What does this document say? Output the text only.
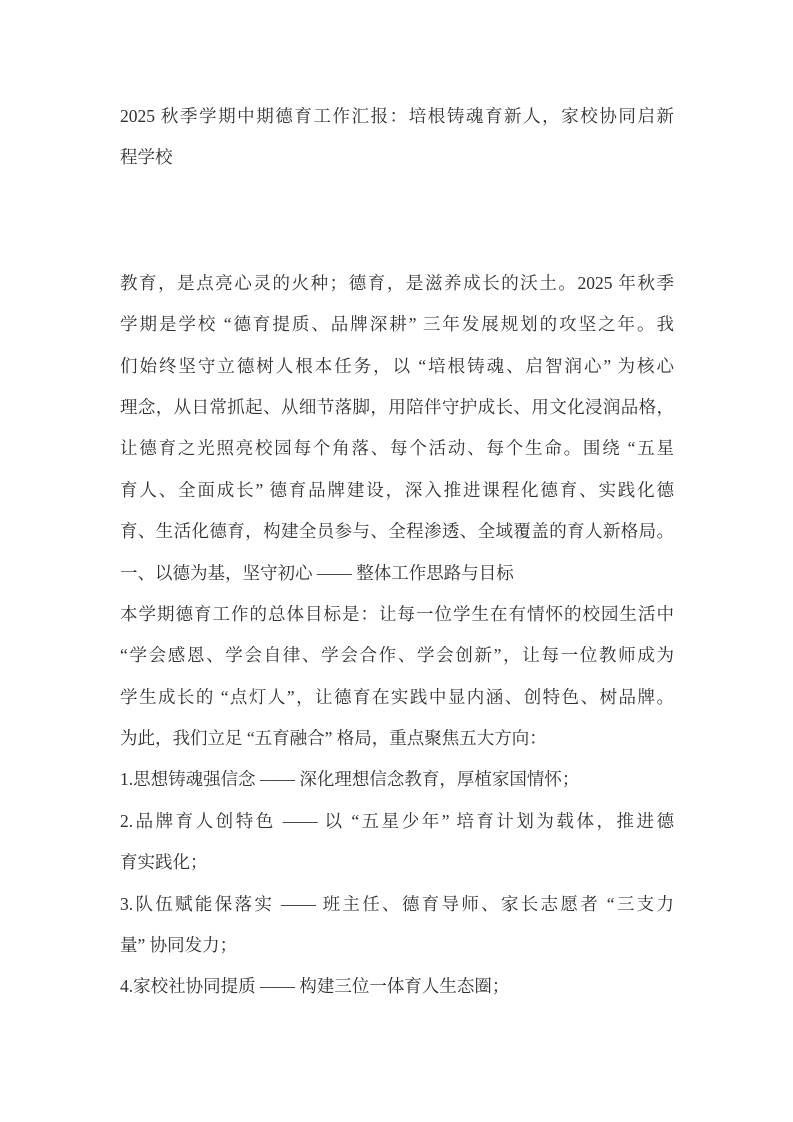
2025 秋季学期中期德育工作汇报：培根铸魂育新人，家校协同启新
程学校
教育，是点亮心灵的火种；德育，是滋养成长的沃土。2025 年秋季
学期是学校 “德育提质、品牌深耕” 三年发展规划的攻坚之年。我
们始终坚守立德树人根本任务，以 “培根铸魂、启智润心” 为核心
理念，从日常抓起、从细节落脚，用陪伴守护成长、用文化浸润品格，
让德育之光照亮校园每个角落、每个活动、每个生命。围绕 “五星
育人、全面成长” 德育品牌建设，深入推进课程化德育、实践化德
育、生活化德育，构建全员参与、全程渗透、全域覆盖的育人新格局。
一、以德为基，坚守初心 —— 整体工作思路与目标
本学期德育工作的总体目标是：让每一位学生在有情怀的校园生活中
“学会感恩、学会自律、学会合作、学会创新”，让每一位教师成为
学生成长的 “点灯人”，让德育在实践中显内涵、创特色、树品牌。
为此，我们立足 “五育融合” 格局，重点聚焦五大方向：
1.思想铸魂强信念 —— 深化理想信念教育，厚植家国情怀；
2.品牌育人创特色 —— 以 “五星少年” 培育计划为载体，推进德
育实践化；
3.队伍赋能保落实 —— 班主任、德育导师、家长志愿者 “三支力
量” 协同发力；
4.家校社协同提质 —— 构建三位一体育人生态圈；
